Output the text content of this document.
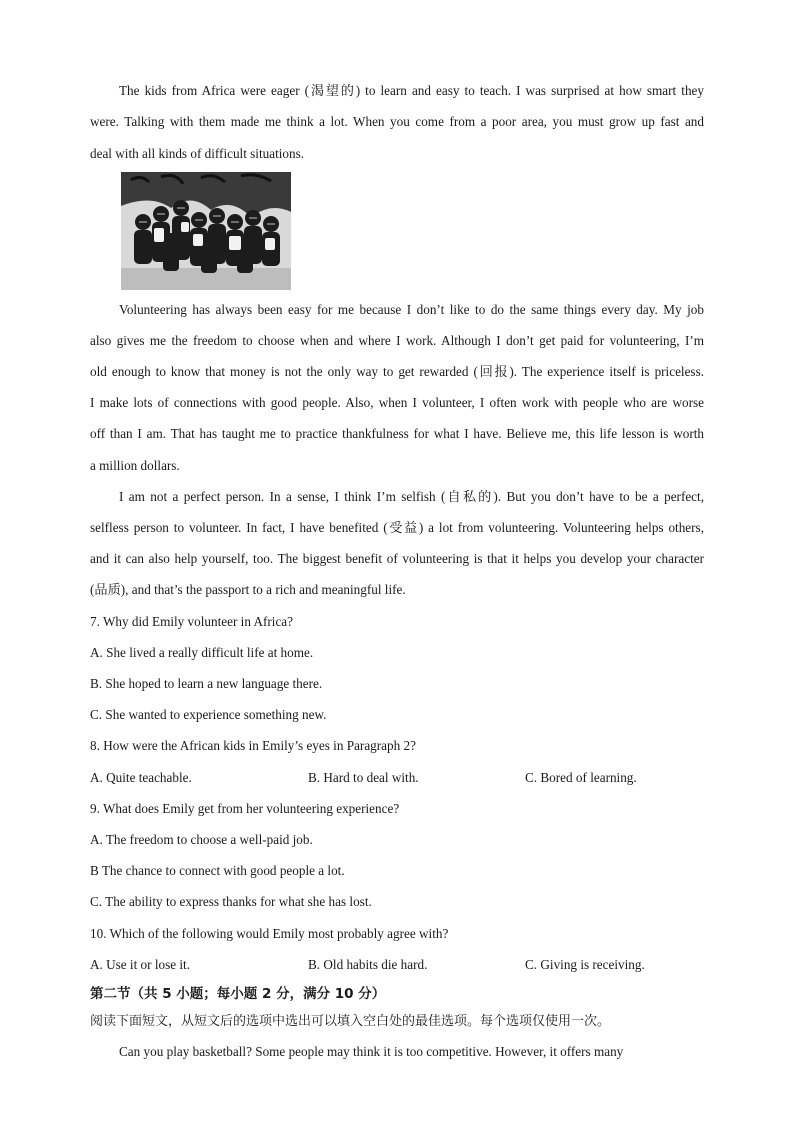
The kids from Africa were eager (渴望的) to learn and easy to teach. I was surprised at how smart they
were. Talking with them made me think a lot. When you come from a poor area, you must grow up fast and
deal with all kinds of difficult situations.
Volunteering has always been easy for me because I don’t like to do the same things every day. My job
also gives me the freedom to choose when and where I work. Although I don’t get paid for volunteering, I’m
old enough to know that money is not the only way to get rewarded (回报). The experience itself is priceless.
I make lots of connections with good people. Also, when I volunteer, I often work with people who are worse
off than I am. That has taught me to practice thankfulness for what I have. Believe me, this life lesson is worth
a million dollars.
I am not a perfect person. In a sense, I think I’m selfish (自私的). But you don’t have to be a perfect,
selfless person to volunteer. In fact, I have benefited (受益) a lot from volunteering. Volunteering helps others,
and it can also help yourself, too. The biggest benefit of volunteering is that it helps you develop your character
(品质), and that’s the passport to a rich and meaningful life.
7. Why did Emily volunteer in Africa?
A. She lived a really difficult life at home.
B. She hoped to learn a new language there.
C. She wanted to experience something new.
8. How were the African kids in Emily’s eyes in Paragraph 2?
A. Quite teachable.	B. Hard to deal with.	C. Bored of learning.
9. What does Emily get from her volunteering experience?
A. The freedom to choose a well-paid job.
B The chance to connect with good people a lot.
C. The ability to express thanks for what she has lost.
10. Which of the following would Emily most probably agree with?
A. Use it or lose it.	B. Old habits die hard.	C. Giving is receiving.
第二节（共 5 小题；每小题 2 分，满分 10 分）
阅读下面短文，从短文后的选项中选出可以填入空白处的最佳选项。每个选项仅使用一次。
Can you play basketball? Some people may think it is too competitive. However, it offers many
